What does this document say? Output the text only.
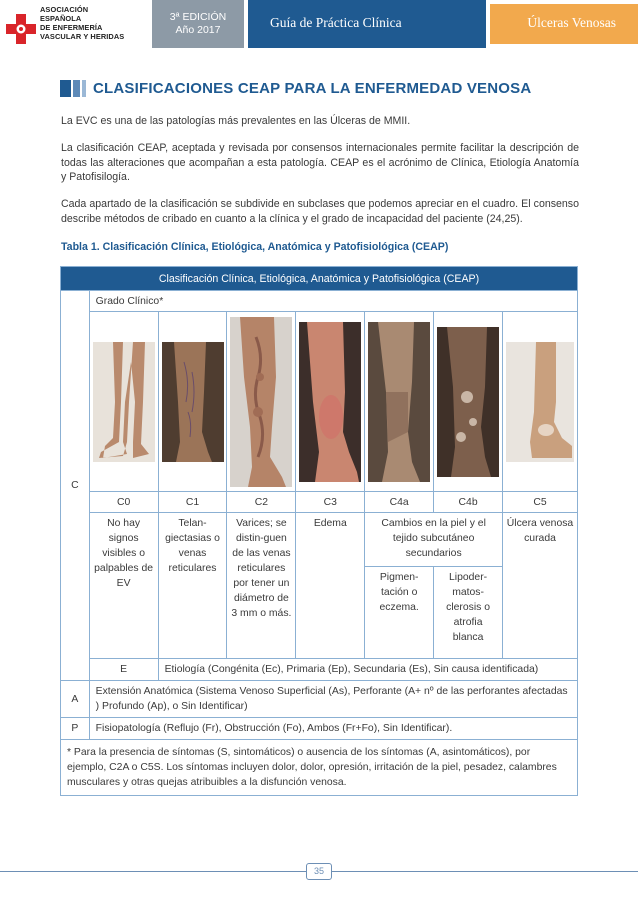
ASOCIACIÓN
ESPAÑOLA
DE ENFERMERÍA
VASCULAR Y HERIDAS
3ª EDICIÓN
Año 2017	Guía de Práctica Clínica	Úlceras Venosas
CLASIFICACIONES CEAP PARA LA ENFERMEDAD VENOSA
La EVC es una de las patologías más prevalentes en las Úlceras de MMII.
La clasificación CEAP, aceptada y revisada por consensos internacionales permite facilitar la descripción de todas las alteraciones que acompañan a esta patología. CEAP es el acrónimo de Clínica, Etiología Anatomía y Patofisilogía.
Cada apartado de la clasificación se subdivide en subclases que podemos apreciar en el cuadro. El consenso describe métodos de cribado en cuanto a la clínica y el grado de incapacidad del paciente (24,25).
Tabla 1. Clasificación Clínica, Etiológica, Anatómica y Patofisiológica (CEAP)
Clasificación Clínica, Etiológica, Anatómica y Patofisiológica (CEAP)							
C	Grado Clínico*						

	C0	C1	C2	C3	C4a	C4b	C5
	No hay signos visibles o palpables de EV	Telan-giectasias o venas reticulares	Varices; se distin-guen de las venas reticulares por tener un diámetro de 3 mm o más.	Edema	Cambios en la piel y el tejido subcutáneo secundarios		Úlcera venosa curada
					Pigmen-tación o eczema.	Lipoder-matos-clerosis o atrofia blanca	
	E	Etiología (Congénita (Ec), Primaria (Ep), Secundaria (Es), Sin causa identificada)					
A	Extensión Anatómica (Sistema Venoso Superficial (As), Perforante (A+ nº de las perforantes afectadas ) Profundo (Ap), o Sin Identificar)						
P	Fisiopatología (Reflujo (Fr), Obstrucción (Fo), Ambos (Fr+Fo), Sin Identificar).						
* Para la presencia de síntomas (S, sintomáticos) o ausencia de los síntomas (A, asintomáticos), por ejemplo, C2A o C5S. Los síntomas incluyen dolor, dolor, opresión, irritación de la piel, pesadez, calambres musculares y otras quejas atribuibles a la disfunción venosa.							
35
